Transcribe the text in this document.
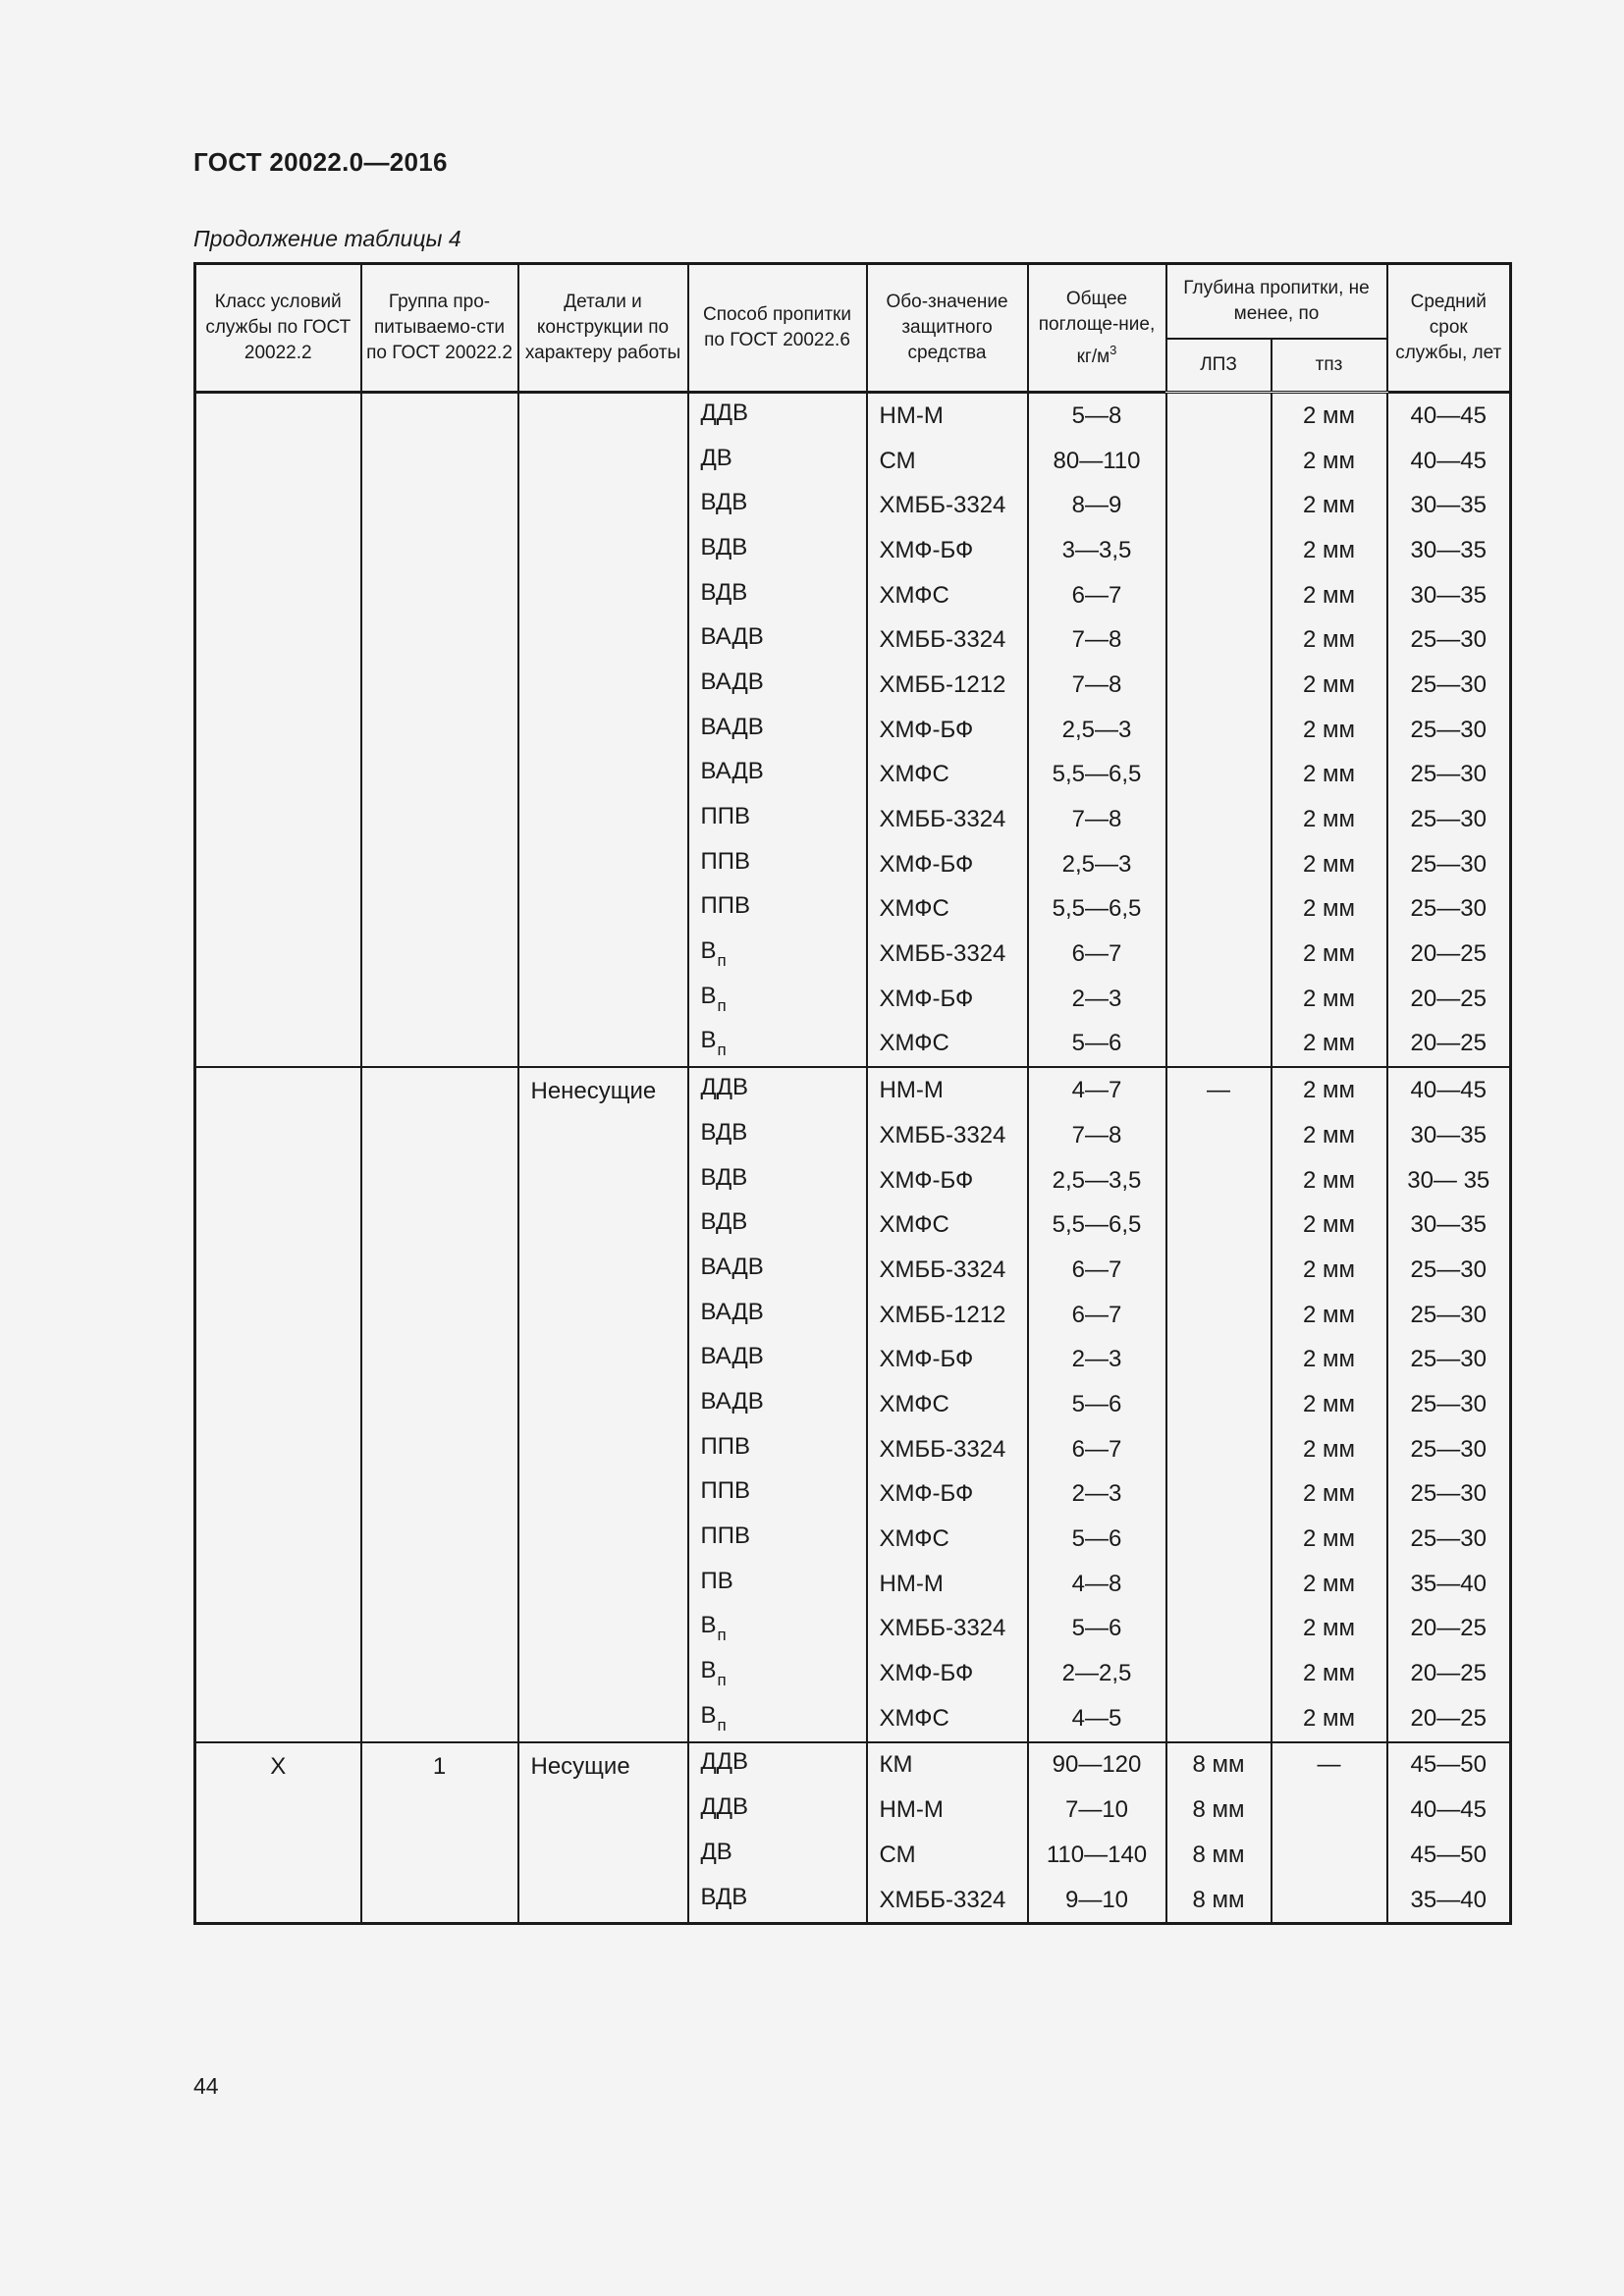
ГОСТ 20022.0—2016
Продолжение таблицы 4
Класс условий службы по ГОСТ 20022.2	Группа про-питываемо-сти по ГОСТ 20022.2	Детали и конструкции по характеру работы	Способ пропитки по ГОСТ 20022.6	Обо-значение защитного средства	Общее поглоще-ние, $кг/м^3$	Глубина пропитки, не менее, по		Средний срок службы, лет
						ЛПЗ	тпз	
			ДДВ	НМ-М	5—8		2 мм	40—45
			ДВ	СМ	80—110		2 мм	40—45
			ВДВ	ХМББ-3324	8—9		2 мм	30—35
			ВДВ	ХМФ-БФ	3—3,5		2 мм	30—35
			ВДВ	ХМФС	6—7		2 мм	30—35
			ВАДВ	ХМББ-3324	7—8		2 мм	25—30
			ВАДВ	ХМББ-1212	7—8		2 мм	25—30
			ВАДВ	ХМФ-БФ	2,5—3		2 мм	25—30
			ВАДВ	ХМФС	5,5—6,5		2 мм	25—30
			ППВ	ХМББ-3324	7—8		2 мм	25—30
			ППВ	ХМФ-БФ	2,5—3		2 мм	25—30
			ППВ	ХМФС	5,5—6,5		2 мм	25—30
			$В_п$	ХМББ-3324	6—7		2 мм	20—25
			$В_п$	ХМФ-БФ	2—3		2 мм	20—25
			$В_п$	ХМФС	5—6		2 мм	20—25
		Ненесущие	ДДВ	НМ-М	4—7	—	2 мм	40—45
			ВДВ	ХМББ-3324	7—8		2 мм	30—35
			ВДВ	ХМФ-БФ	2,5—3,5		2 мм	30— 35
			ВДВ	ХМФС	5,5—6,5		2 мм	30—35
			ВАДВ	ХМББ-3324	6—7		2 мм	25—30
			ВАДВ	ХМББ-1212	6—7		2 мм	25—30
			ВАДВ	ХМФ-БФ	2—3		2 мм	25—30
			ВАДВ	ХМФС	5—6		2 мм	25—30
			ППВ	ХМББ-3324	6—7		2 мм	25—30
			ППВ	ХМФ-БФ	2—3		2 мм	25—30
			ППВ	ХМФС	5—6		2 мм	25—30
			ПВ	НМ-М	4—8		2 мм	35—40
			$В_п$	ХМББ-3324	5—6		2 мм	20—25
			$В_п$	ХМФ-БФ	2—2,5		2 мм	20—25
			$В_п$	ХМФС	4—5		2 мм	20—25
X	1	Несущие	ДДВ	КМ	90—120	8 мм	—	45—50
			ДДВ	НМ-М	7—10	8 мм		40—45
			ДВ	СМ	110—140	8 мм		45—50
			ВДВ	ХМББ-3324	9—10	8 мм		35—40
44
